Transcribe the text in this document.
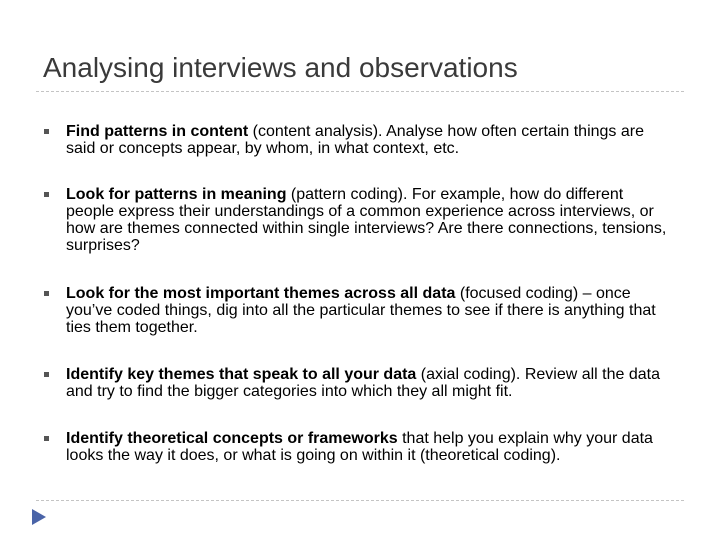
Analysing interviews and observations
Find patterns in content (content analysis). Analyse how often certain things are said or concepts appear, by whom, in what context, etc.
Look for patterns in meaning (pattern coding). For example, how do different people express their understandings of a common experience across interviews, or how are themes connected within single interviews? Are there connections, tensions, surprises?
Look for the most important themes across all data (focused coding) – once you’ve coded things, dig into all the particular themes to see if there is anything that ties them together.
Identify key themes that speak to all your data (axial coding). Review all the data and try to find the bigger categories into which they all might fit.
Identify theoretical concepts or frameworks that help you explain why your data looks the way it does, or what is going on within it (theoretical coding).
